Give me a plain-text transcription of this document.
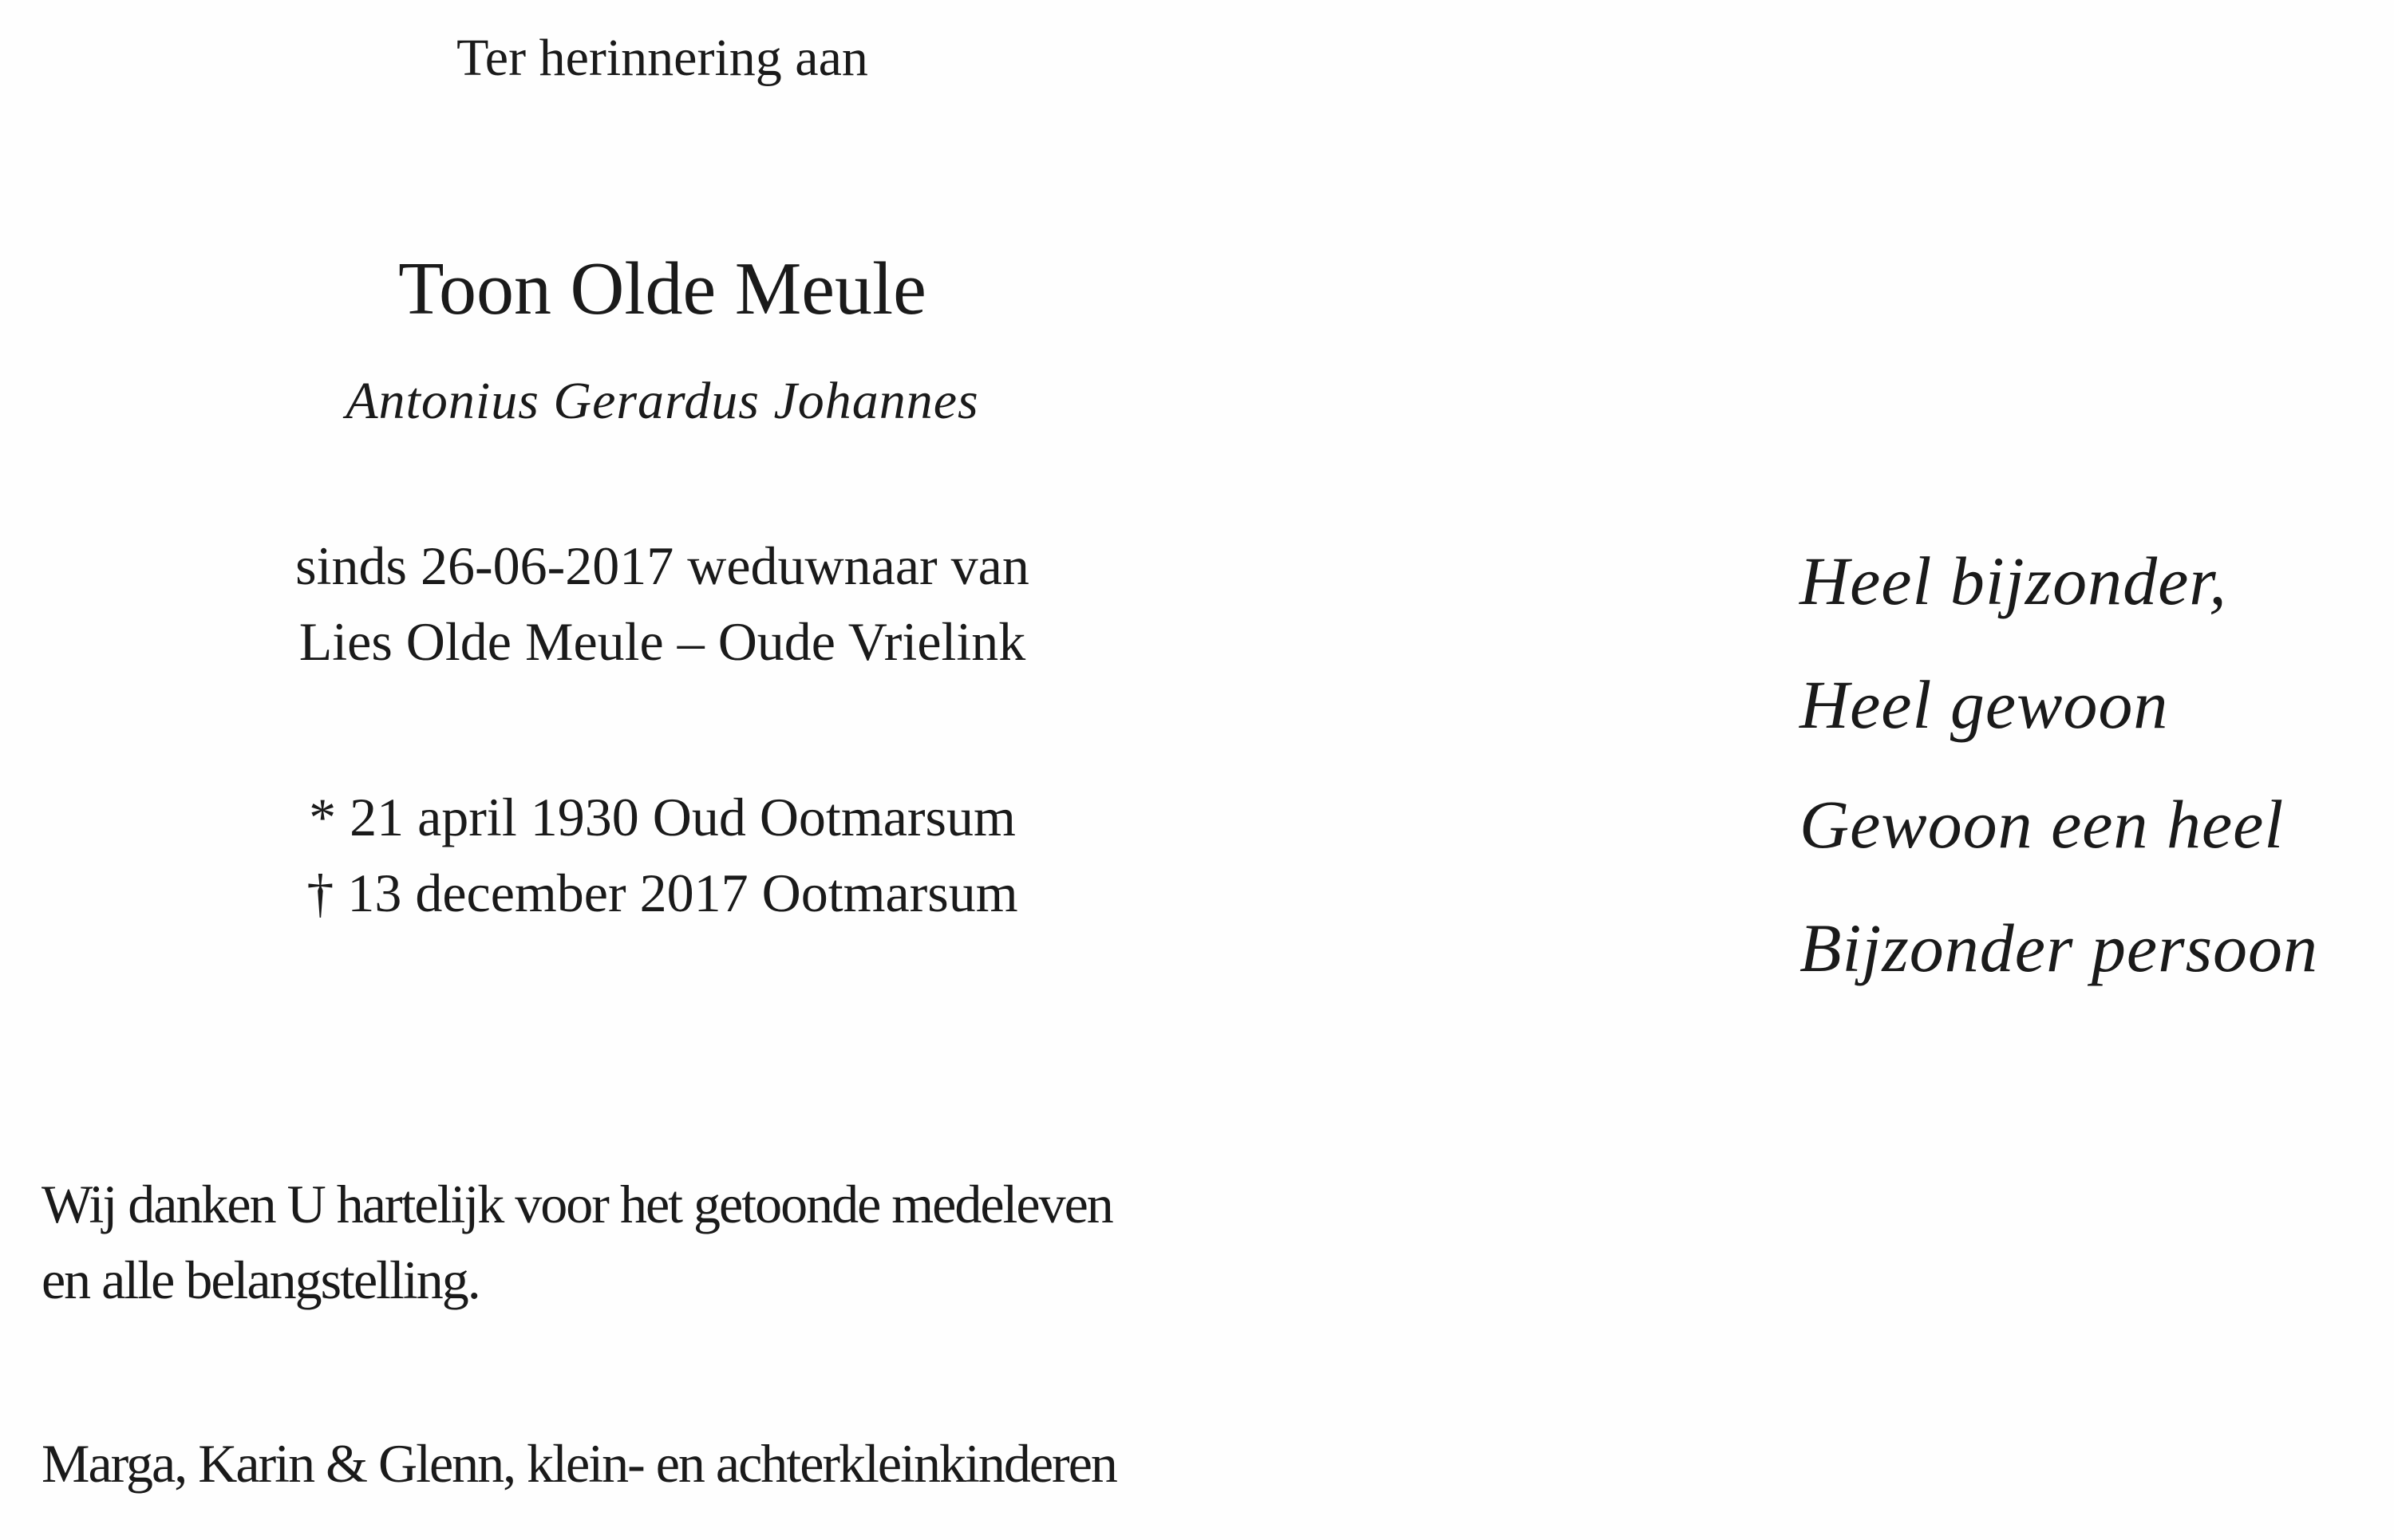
Ter herinnering aan
Toon Olde Meule
Antonius Gerardus Johannes
sinds 26-06-2017 weduwnaar van
Lies Olde Meule – Oude Vrielink
* 21 april 1930 Oud Ootmarsum
† 13 december 2017 Ootmarsum
Wij danken U hartelijk voor het getoonde medeleven
en alle belangstelling.
Marga, Karin & Glenn, klein- en achterkleinkinderen
Heel bijzonder,
Heel gewoon
Gewoon een heel
Bijzonder persoon
